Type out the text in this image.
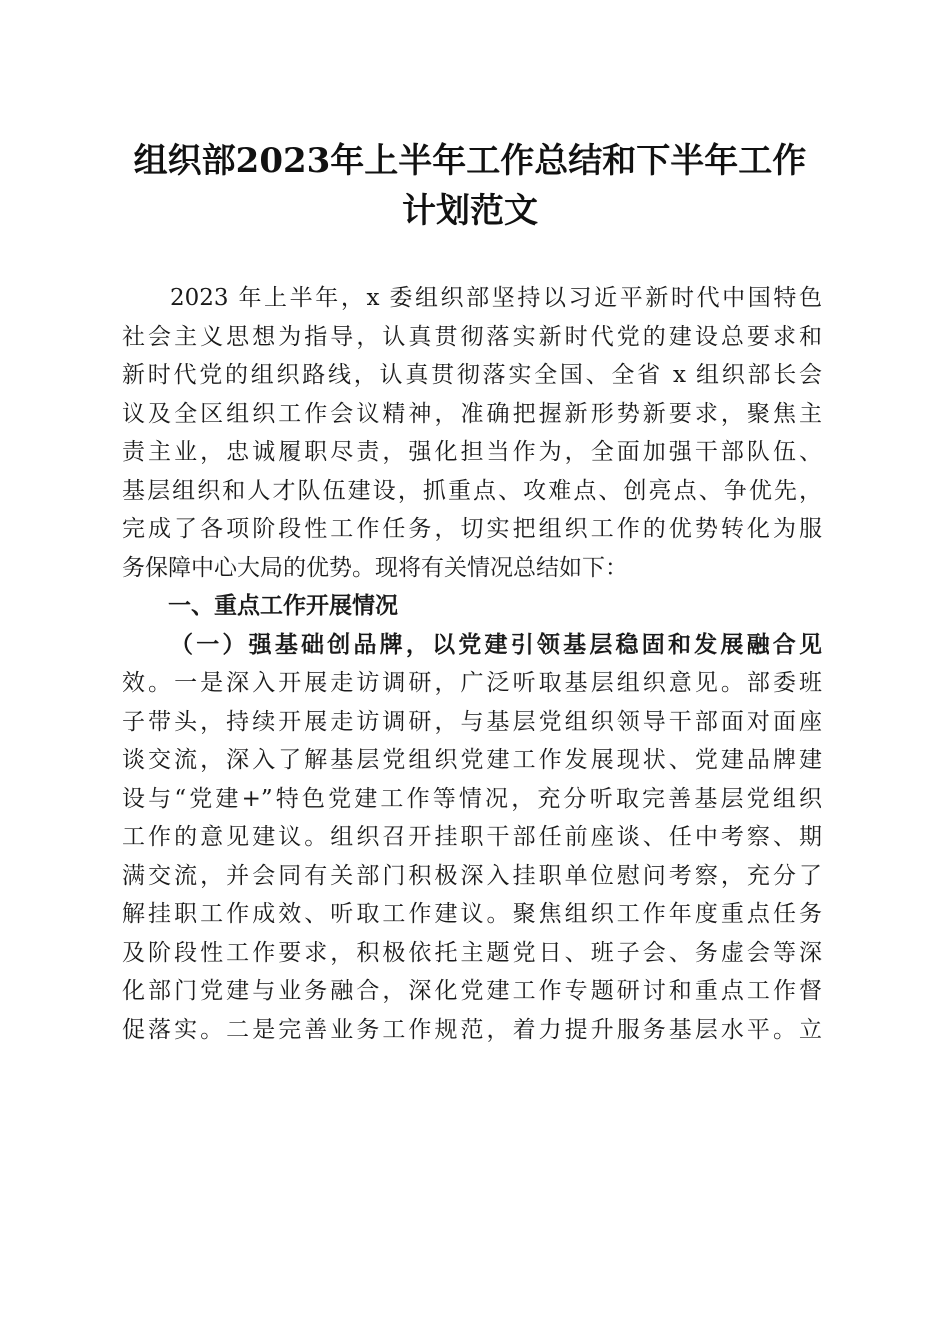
组织部2023年上半年工作总结和下半年工作
计划范文
2023 年上半年，x 委组织部坚持以习近平新时代中国特色
社会主义思想为指导，认真贯彻落实新时代党的建设总要求和
新时代党的组织路线，认真贯彻落实全国、全省 x 组织部长会
议及全区组织工作会议精神，准确把握新形势新要求，聚焦主
责主业，忠诚履职尽责，强化担当作为，全面加强干部队伍、
基层组织和人才队伍建设，抓重点、攻难点、创亮点、争优先，
完成了各项阶段性工作任务，切实把组织工作的优势转化为服
务保障中心大局的优势。现将有关情况总结如下：
一、重点工作开展情况
（一）强基础创品牌，以党建引领基层稳固和发展融合见
效。一是深入开展走访调研，广泛听取基层组织意见。部委班
子带头，持续开展走访调研，与基层党组织领导干部面对面座
谈交流，深入了解基层党组织党建工作发展现状、党建品牌建
设与“党建+”特色党建工作等情况，充分听取完善基层党组织
工作的意见建议。组织召开挂职干部任前座谈、任中考察、期
满交流，并会同有关部门积极深入挂职单位慰问考察，充分了
解挂职工作成效、听取工作建议。聚焦组织工作年度重点任务
及阶段性工作要求，积极依托主题党日、班子会、务虚会等深
化部门党建与业务融合，深化党建工作专题研讨和重点工作督
促落实。二是完善业务工作规范，着力提升服务基层水平。立
